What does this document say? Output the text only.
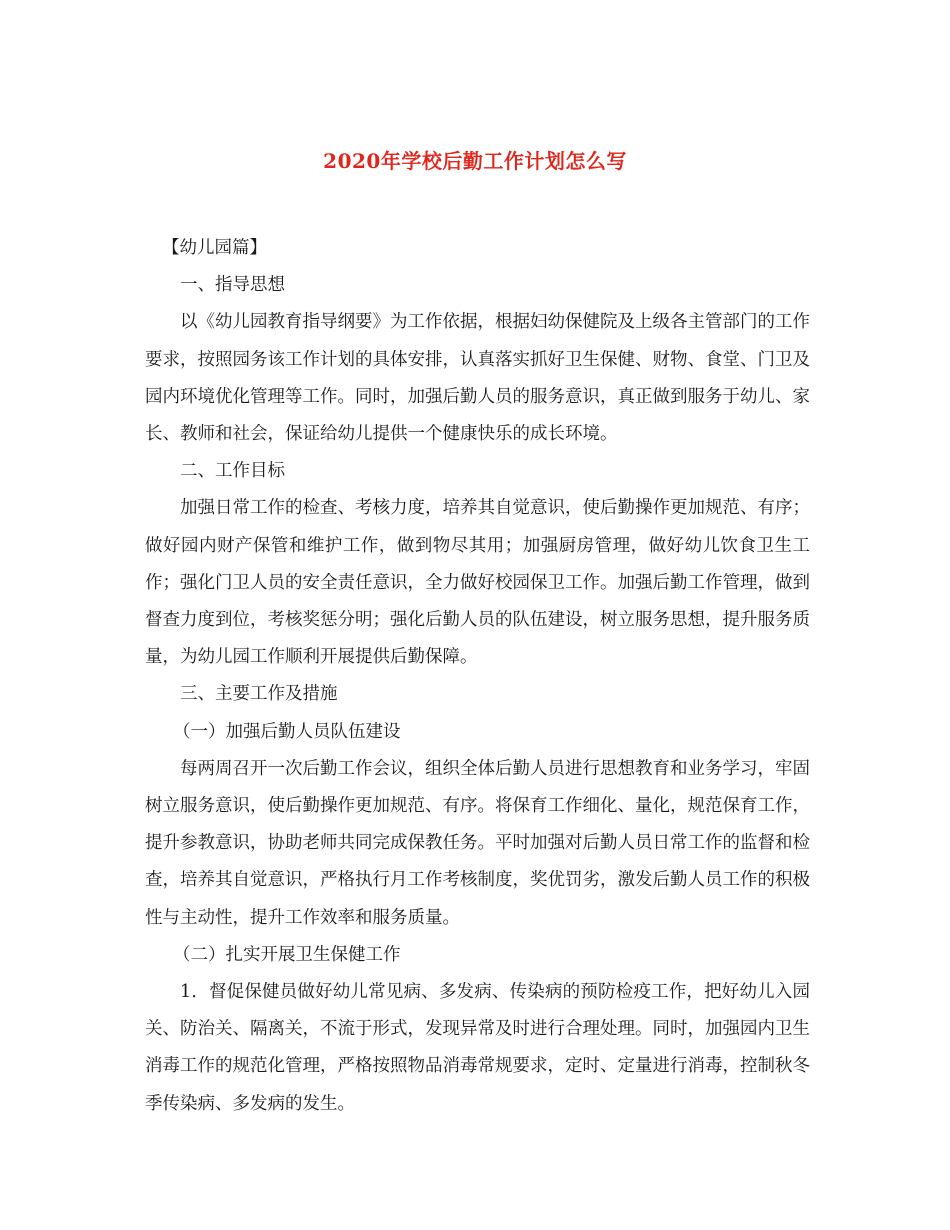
2020年学校后勤工作计划怎么写

【幼儿园篇】

一、指导思想

以《幼儿园教育指导纲要》为工作依据，根据妇幼保健院及上级各主管部门的工作要求，按照园务该工作计划的具体安排，认真落实抓好卫生保健、财物、食堂、门卫及园内环境优化管理等工作。同时，加强后勤人员的服务意识，真正做到服务于幼儿、家长、教师和社会，保证给幼儿提供一个健康快乐的成长环境。

二、工作目标

加强日常工作的检查、考核力度，培养其自觉意识，使后勤操作更加规范、有序；做好园内财产保管和维护工作，做到物尽其用；加强厨房管理，做好幼儿饮食卫生工作；强化门卫人员的安全责任意识，全力做好校园保卫工作。加强后勤工作管理，做到督查力度到位，考核奖惩分明；强化后勤人员的队伍建设，树立服务思想，提升服务质量，为幼儿园工作顺利开展提供后勤保障。

三、主要工作及措施

（一）加强后勤人员队伍建设

每两周召开一次后勤工作会议，组织全体后勤人员进行思想教育和业务学习，牢固树立服务意识，使后勤操作更加规范、有序。将保育工作细化、量化，规范保育工作，提升参教意识，协助老师共同完成保教任务。平时加强对后勤人员日常工作的监督和检查，培养其自觉意识，严格执行月工作考核制度，奖优罚劣，激发后勤人员工作的积极性与主动性，提升工作效率和服务质量。

（二）扎实开展卫生保健工作

1．督促保健员做好幼儿常见病、多发病、传染病的预防检疫工作，把好幼儿入园关、防治关、隔离关，不流于形式，发现异常及时进行合理处理。同时，加强园内卫生消毒工作的规范化管理，严格按照物品消毒常规要求，定时、定量进行消毒，控制秋冬季传染病、多发病的发生。
